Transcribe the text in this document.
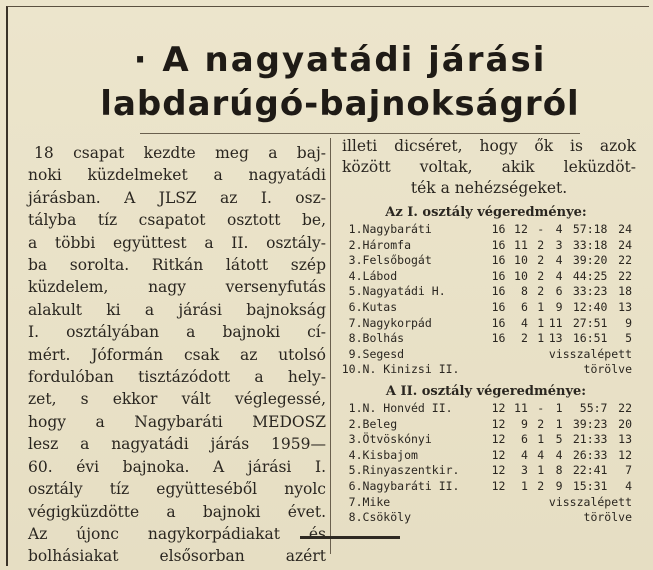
· A nagyatádi járási
labdarúgó-bajnokságról
18 csapat kezdte meg a baj-
noki küzdelmeket a nagyatádi
járásban. A JLSZ az I. osz-
tályba tíz csapatot osztott be,
a többi együttest a II. osztály-
ba sorolta. Ritkán látott szép
küzdelem, nagy versenyfutás
alakult ki a járási bajnokság
I. osztályában a bajnoki cí-
mért. Jóformán csak az utolsó
fordulóban tisztázódott a hely-
zet, s ekkor vált véglegessé,
hogy a Nagybaráti MEDOSZ
lesz a nagyatádi járás 1959—
60. évi bajnoka. A járási I.
osztály tíz együtteséből nyolc
végigküzdötte a bajnoki évet.
Az újonc nagykorpádiakat és
bolhásiakat elsősorban azért
illeti dicséret, hogy ők is azok
között voltak, akik leküzdöt-
ték a nehézségeket.
Az I. osztály végeredménye:
1.	Nagybaráti	16	12	-	4	57:18	24
2.	Háromfa	16	11	2	3	33:18	24
3.	Felsőbogát	16	10	2	4	39:20	22
4.	Lábod	16	10	2	4	44:25	22
5.	Nagyatádi H.	16	8	2	6	33:23	18
6.	Kutas	16	6	1	9	12:40	13
7.	Nagykorpád	16	4	1	11	27:51	9
8.	Bolhás	16	2	1	13	16:51	5
9.	Segesd	visszalépett					
10.	N. Kinizsi II.	törölve					
A II. osztály végeredménye:
1.	N. Honvéd II.	12	11	-	1	55:7	22
2.	Beleg	12	9	2	1	39:23	20
3.	Ötvöskónyi	12	6	1	5	21:33	13
4.	Kisbajom	12	4	4	4	26:33	12
5.	Rinyaszentkir.	12	3	1	8	22:41	7
6.	Nagybaráti II.	12	1	2	9	15:31	4
7.	Mike	visszalépett					
8.	Csököly	törölve					
